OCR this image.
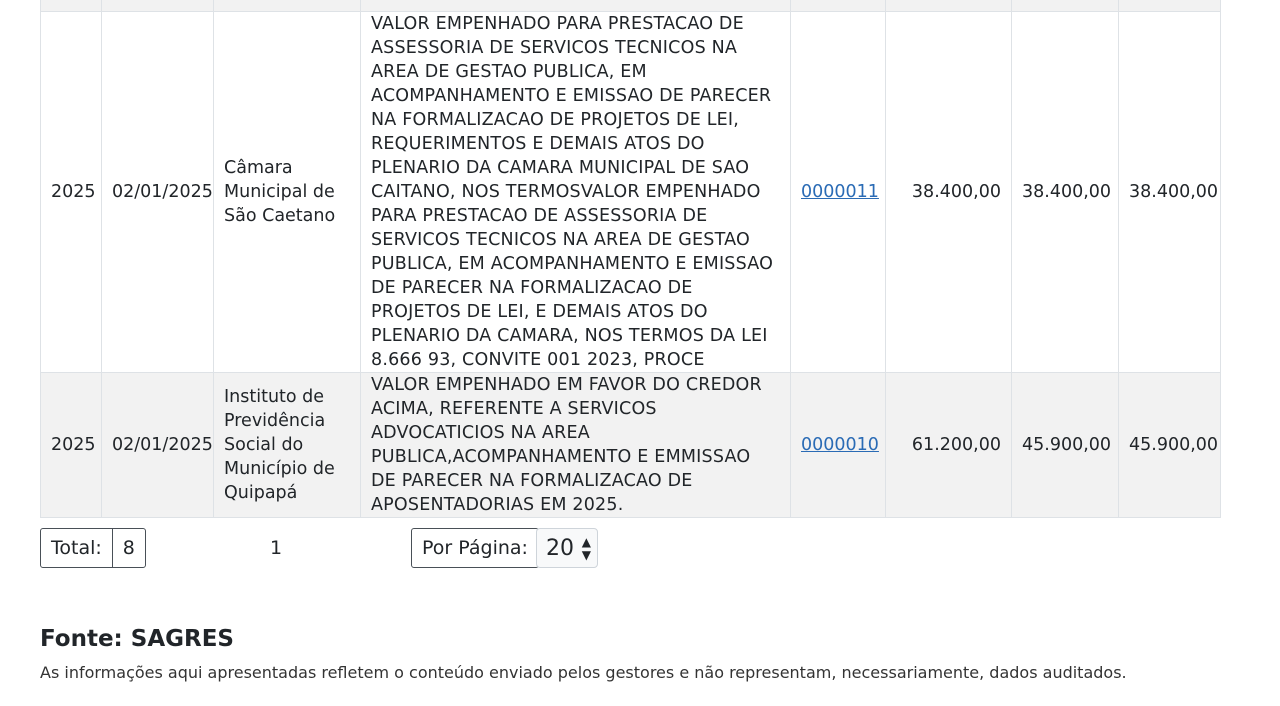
2025	02/01/2025	Câmara Municipal de São Caetano	VALOR EMPENHADO PARA PRESTACAO DE ASSESSORIA DE SERVICOS TECNICOS NA AREA DE GESTAO PUBLICA, EM ACOMPANHAMENTO E EMISSAO DE PARECER NA FORMALIZACAO DE PROJETOS DE LEI, REQUERIMENTOS E DEMAIS ATOS DO PLENARIO DA CAMARA MUNICIPAL DE SAO CAITANO, NOS TERMOSVALOR EMPENHADO PARA PRESTACAO DE ASSESSORIA DE SERVICOS TECNICOS NA AREA DE GESTAO PUBLICA, EM ACOMPANHAMENTO E EMISSAO DE PARECER NA FORMALIZACAO DE PROJETOS DE LEI, E DEMAIS ATOS DO PLENARIO DA CAMARA, NOS TERMOS DA LEI 8.666 93, CONVITE 001 2023, PROCE	0000011	38.400,00	38.400,00	38.400,00
2025	02/01/2025	Instituto de Previdência Social do Município de Quipapá	VALOR EMPENHADO EM FAVOR DO CREDOR ACIMA, REFERENTE A SERVICOS ADVOCATICIOS NA AREA PUBLICA,ACOMPANHAMENTO E EMMISSAO DE PARECER NA FORMALIZACAO DE APOSENTADORIAS EM 2025.	0000010	61.200,00	45.900,00	45.900,00
Total:	8	1	Por Página: 20 ▲
▼
Fonte: SAGRES
As informações aqui apresentadas refletem o conteúdo enviado pelos gestores e não representam, necessariamente, dados auditados.
